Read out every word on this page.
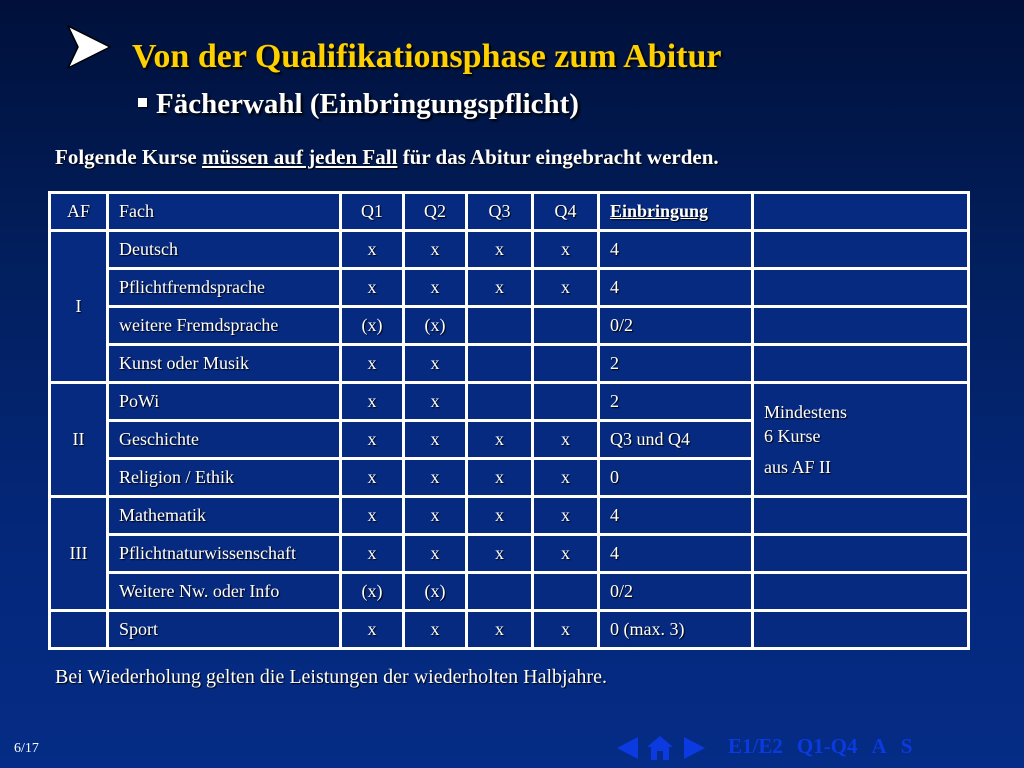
Von der Qualifikationsphase zum Abitur
Fächerwahl (Einbringungspflicht)

Folgende Kurse müssen auf jeden Fall für das Abitur eingebracht werden.

AF	Fach	Q1	Q2	Q3	Q4	Einbringung	
I	Deutsch	x	x	x	x	4	
	Pflichtfremdsprache	x	x	x	x	4	
	weitere Fremdsprache	(x)	(x)			0/2	
	Kunst oder Musik	x	x			2	
II	PoWi	x	x			2	Mindestens
6 Kurse
aus AF II

	Geschichte	x	x	x	x	Q3 und Q4	
	Religion / Ethik	x	x	x	x	0	
III	Mathematik	x	x	x	x	4	
	Pflichtnaturwissenschaft	x	x	x	x	4	
	Weitere Nw. oder Info	(x)	(x)			0/2	
	Sport	x	x	x	x	0 (max. 3)	

Bei Wiederholung gelten die Leistungen der wiederholten Halbjahre.

6/17	E1/E2 Q1-Q4 A S
